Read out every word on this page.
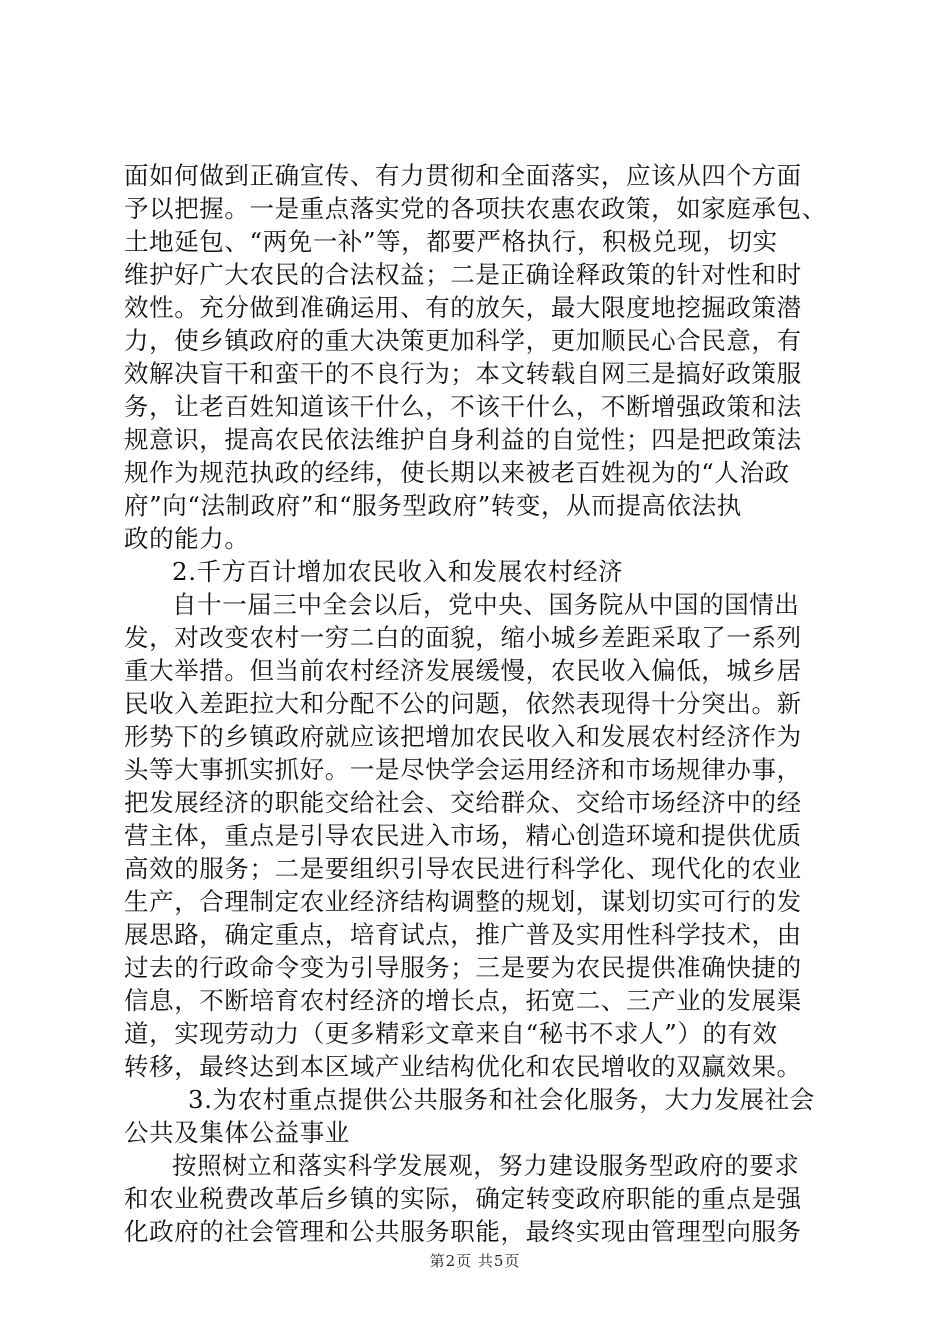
面如何做到正确宣传、有力贯彻和全面落实，应该从四个方面
予以把握。一是重点落实党的各项扶农惠农政策，如家庭承包、
土地延包、“两免一补”等，都要严格执行，积极兑现，切实
维护好广大农民的合法权益；二是正确诠释政策的针对性和时
效性。充分做到准确运用、有的放矢，最大限度地挖掘政策潜
力，使乡镇政府的重大决策更加科学，更加顺民心合民意，有
效解决盲干和蛮干的不良行为；本文转载自网三是搞好政策服
务，让老百姓知道该干什么，不该干什么，不断增强政策和法
规意识，提高农民依法维护自身利益的自觉性；四是把政策法
规作为规范执政的经纬，使长期以来被老百姓视为的“人治政
府”向“法制政府”和“服务型政府”转变，从而提高依法执
政的能力。
2.千方百计增加农民收入和发展农村经济
自十一届三中全会以后，党中央、国务院从中国的国情出
发，对改变农村一穷二白的面貌，缩小城乡差距采取了一系列
重大举措。但当前农村经济发展缓慢，农民收入偏低，城乡居
民收入差距拉大和分配不公的问题，依然表现得十分突出。新
形势下的乡镇政府就应该把增加农民收入和发展农村经济作为
头等大事抓实抓好。一是尽快学会运用经济和市场规律办事，
把发展经济的职能交给社会、交给群众、交给市场经济中的经
营主体，重点是引导农民进入市场，精心创造环境和提供优质
高效的服务；二是要组织引导农民进行科学化、现代化的农业
生产，合理制定农业经济结构调整的规划，谋划切实可行的发
展思路，确定重点，培育试点，推广普及实用性科学技术，由
过去的行政命令变为引导服务；三是要为农民提供准确快捷的
信息，不断培育农村经济的增长点，拓宽二、三产业的发展渠
道，实现劳动力（更多精彩文章来自“秘书不求人”）的有效
转移，最终达到本区域产业结构优化和农民增收的双赢效果。
3.为农村重点提供公共服务和社会化服务，大力发展社会
公共及集体公益事业
按照树立和落实科学发展观，努力建设服务型政府的要求
和农业税费改革后乡镇的实际，确定转变政府职能的重点是强
化政府的社会管理和公共服务职能，最终实现由管理型向服务
第2页 共5页
